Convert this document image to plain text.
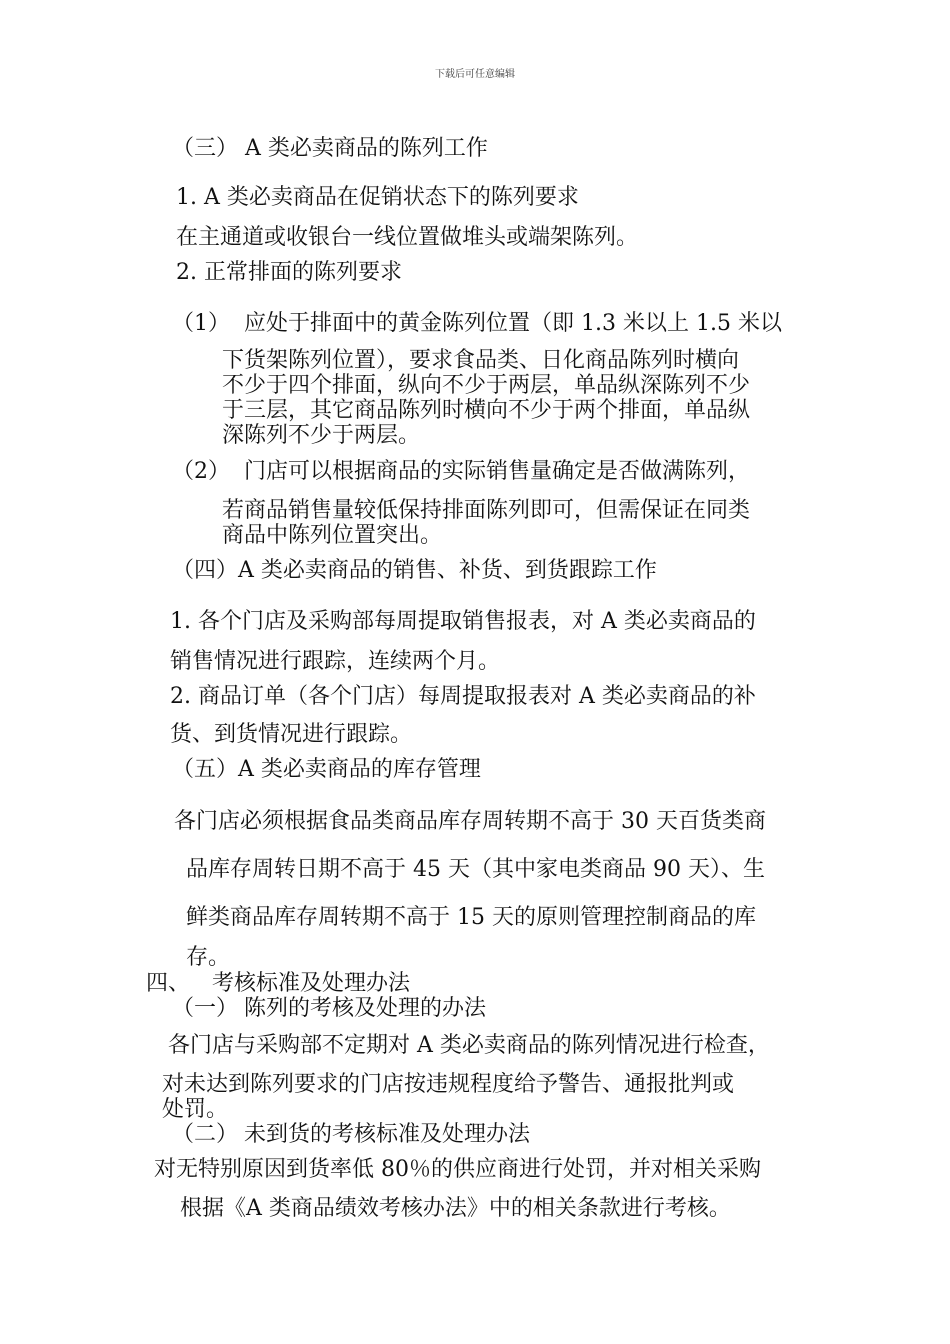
下载后可任意编辑
（三） A 类必卖商品的陈列工作
1. A 类必卖商品在促销状态下的陈列要求
在主通道或收银台一线位置做堆头或端架陈列。
2. 正常排面的陈列要求
（1） 应处于排面中的黄金陈列位置（即 1.3 米以上 1.5 米以
下货架陈列位置），要求食品类、日化商品陈列时横向
不少于四个排面，纵向不少于两层，单品纵深陈列不少
于三层，其它商品陈列时横向不少于两个排面，单品纵
深陈列不少于两层。
（2） 门店可以根据商品的实际销售量确定是否做满陈列，
若商品销售量较低保持排面陈列即可，但需保证在同类
商品中陈列位置突出。
（四）A 类必卖商品的销售、补货、到货跟踪工作
1. 各个门店及采购部每周提取销售报表，对 A 类必卖商品的
销售情况进行跟踪，连续两个月。
2. 商品订单（各个门店）每周提取报表对 A 类必卖商品的补
货、到货情况进行跟踪。
（五）A 类必卖商品的库存管理
各门店必须根据食品类商品库存周转期不高于 30 天百货类商
品库存周转日期不高于 45 天（其中家电类商品 90 天）、生
鲜类商品库存周转期不高于 15 天的原则管理控制商品的库
存。
四、 考核标准及处理办法
（一） 陈列的考核及处理的办法
各门店与采购部不定期对 A 类必卖商品的陈列情况进行检查，
对未达到陈列要求的门店按违规程度给予警告、通报批判或
处罚。
（二） 未到货的考核标准及处理办法
对无特别原因到货率低 80％的供应商进行处罚，并对相关采购
根据《A 类商品绩效考核办法》中的相关条款进行考核。
